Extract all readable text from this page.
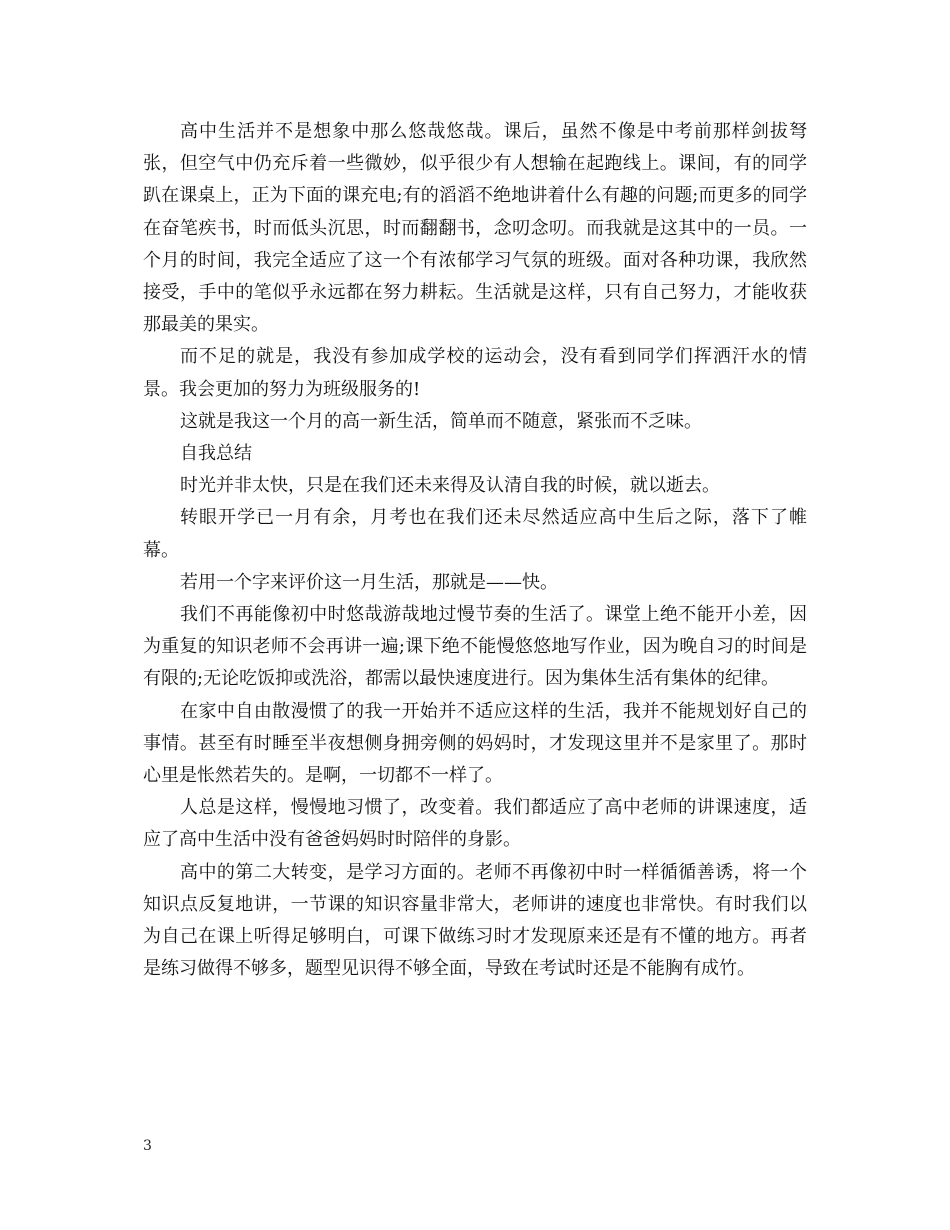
高中生活并不是想象中那么悠哉悠哉。课后，虽然不像是中考前那样剑拔弩张，但空气中仍充斥着一些微妙，似乎很少有人想输在起跑线上。课间，有的同学趴在课桌上，正为下面的课充电;有的滔滔不绝地讲着什么有趣的问题;而更多的同学在奋笔疾书，时而低头沉思，时而翻翻书，念叨念叨。而我就是这其中的一员。一个月的时间，我完全适应了这一个有浓郁学习气氛的班级。面对各种功课，我欣然接受，手中的笔似乎永远都在努力耕耘。生活就是这样，只有自己努力，才能收获那最美的果实。

而不足的就是，我没有参加成学校的运动会，没有看到同学们挥洒汗水的情景。我会更加的努力为班级服务的!

这就是我这一个月的高一新生活，简单而不随意，紧张而不乏味。

自我总结

时光并非太快，只是在我们还未来得及认清自我的时候，就以逝去。

转眼开学已一月有余，月考也在我们还未尽然适应高中生后之际，落下了帷幕。

若用一个字来评价这一月生活，那就是——快。

我们不再能像初中时悠哉游哉地过慢节奏的生活了。课堂上绝不能开小差，因为重复的知识老师不会再讲一遍;课下绝不能慢悠悠地写作业，因为晚自习的时间是有限的;无论吃饭抑或洗浴，都需以最快速度进行。因为集体生活有集体的纪律。

在家中自由散漫惯了的我一开始并不适应这样的生活，我并不能规划好自己的事情。甚至有时睡至半夜想侧身拥旁侧的妈妈时，才发现这里并不是家里了。那时心里是怅然若失的。是啊，一切都不一样了。

人总是这样，慢慢地习惯了，改变着。我们都适应了高中老师的讲课速度，适应了高中生活中没有爸爸妈妈时时陪伴的身影。

高中的第二大转变，是学习方面的。老师不再像初中时一样循循善诱，将一个知识点反复地讲，一节课的知识容量非常大，老师讲的速度也非常快。有时我们以为自己在课上听得足够明白，可课下做练习时才发现原来还是有不懂的地方。再者是练习做得不够多，题型见识得不够全面，导致在考试时还是不能胸有成竹。

3
